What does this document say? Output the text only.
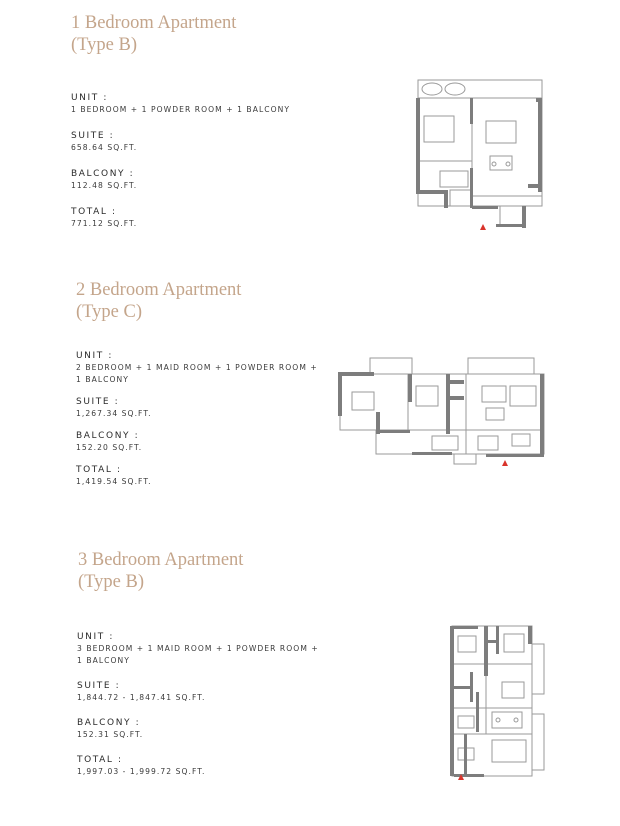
1 Bedroom Apartment
(Type B)
UNIT :
1 BEDROOM + 1 POWDER ROOM + 1 BALCONY
SUITE :
658.64 SQ.FT.
BALCONY :
112.48 SQ.FT.
TOTAL :
771.12 SQ.FT.
2 Bedroom Apartment
(Type C)
UNIT :
2 BEDROOM + 1 MAID ROOM + 1 POWDER ROOM +
1 BALCONY
SUITE :
1,267.34 SQ.FT.
BALCONY :
152.20 SQ.FT.
TOTAL :
1,419.54 SQ.FT.
3 Bedroom Apartment
(Type B)
UNIT :
3 BEDROOM + 1 MAID ROOM + 1 POWDER ROOM +
1 BALCONY
SUITE :
1,844.72 - 1,847.41 SQ.FT.
BALCONY :
152.31 SQ.FT.
TOTAL :
1,997.03 - 1,999.72 SQ.FT.
